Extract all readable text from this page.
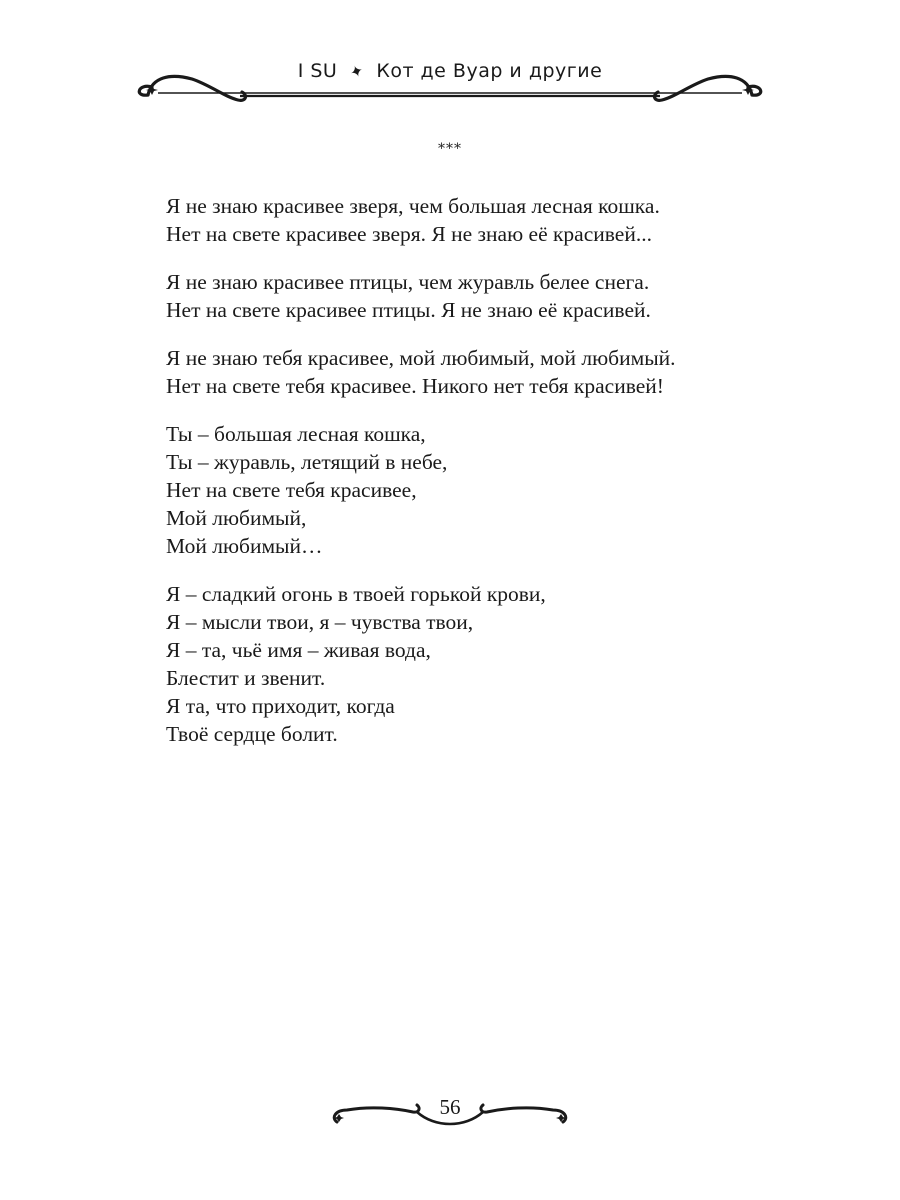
I SU ✦ Кот де Вуар и другие
***
Я не знаю красивее зверя, чем большая лесная кошка.
Нет на свете красивее зверя. Я не знаю её красивей...
Я не знаю красивее птицы, чем журавль белее снега.
Нет на свете красивее птицы. Я не знаю её красивей.
Я не знаю тебя красивее, мой любимый, мой любимый.
Нет на свете тебя красивее. Никого нет тебя красивей!
Ты – большая лесная кошка,
Ты – журавль, летящий в небе,
Нет на свете тебя красивее,
Мой любимый,
Мой любимый…
Я – сладкий огонь в твоей горькой крови,
Я – мысли твои, я – чувства твои,
Я – та, чьё имя – живая вода,
Блестит и звенит.
Я та, что приходит, когда
Твоё сердце болит.
56
